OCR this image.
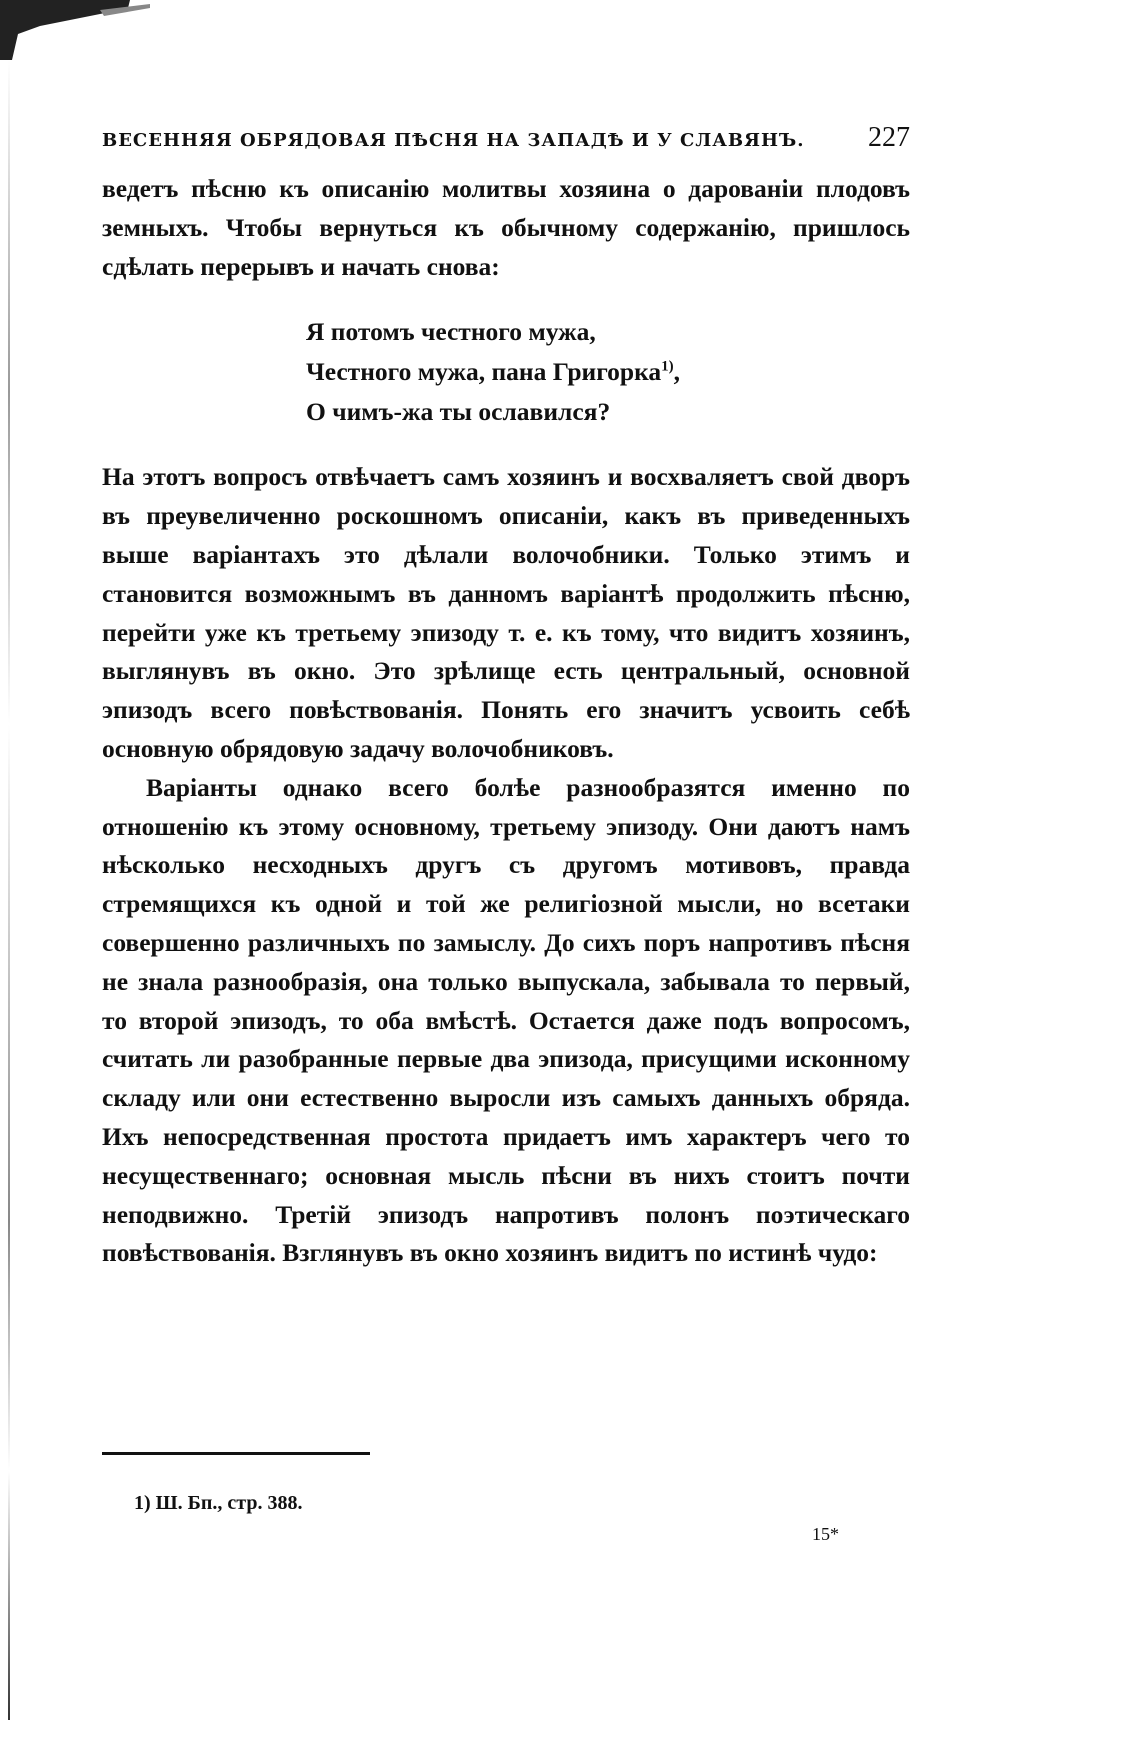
ВЕСЕННЯЯ ОБРЯДОВАЯ ПѢСНЯ НА ЗАПАДѢ И У СЛАВЯНЪ. 227

ведетъ пѣсню къ описанію молитвы хозяина о дарованіи плодовъ земныхъ. Чтобы вернуться къ обычному содержанію, пришлось сдѣлать перерывъ и начать снова:

Я потомъ честного мужа,
Честного мужа, пана Григорка$^{1)}$,
О чимъ-жа ты ославился?

На этотъ вопросъ отвѣчаетъ самъ хозяинъ и восхваляетъ свой дворъ въ преувеличенно роскошномъ описаніи, какъ въ приведенныхъ выше варіантахъ это дѣлали волочобники. Только этимъ и становится возможнымъ въ данномъ варіантѣ продолжить пѣсню, перейти уже къ третьему эпизоду т. е. къ тому, что видитъ хозяинъ, выглянувъ въ окно. Это зрѣлище есть центральный, основной эпизодъ всего повѣствованія. Понять его значитъ усвоить себѣ основную обрядовую задачу волочобниковъ.

Варіанты однако всего болѣе разнообразятся именно по отношенію къ этому основному, третьему эпизоду. Они даютъ намъ нѣсколько несходныхъ другъ съ другомъ мотивовъ, правда стремящихся къ одной и той же религіозной мысли, но всетаки совершенно различныхъ по замыслу. До сихъ поръ напротивъ пѣсня не знала разнообразія, она только выпускала, забывала то первый, то второй эпизодъ, то оба вмѣстѣ. Остается даже подъ вопросомъ, считать ли разобранные первые два эпизода, присущими исконному складу или они естественно выросли изъ самыхъ данныхъ обряда. Ихъ непосредственная простота придаетъ имъ характеръ чего то несущественнаго; основная мысль пѣсни въ нихъ стоитъ почти неподвижно. Третій эпизодъ напротивъ полонъ поэтическаго повѣствованія. Взглянувъ въ окно хозяинъ видитъ по истинѣ чудо:

1) Ш. Бп., стр. 388.
15*
